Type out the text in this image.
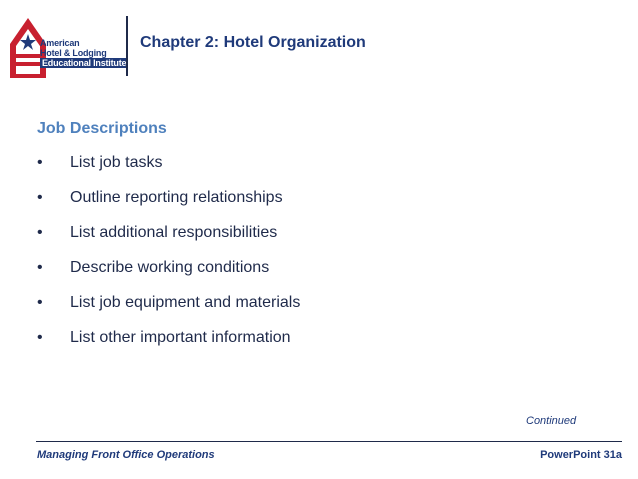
American
Hotel & Lodging
Educational Institute
Chapter 2: Hotel Organization
Job Descriptions
• List job tasks
• Outline reporting relationships
• List additional responsibilities
• Describe working conditions
• List job equipment and materials
• List other important information
Continued
Managing Front Office Operations	PowerPoint 31a
